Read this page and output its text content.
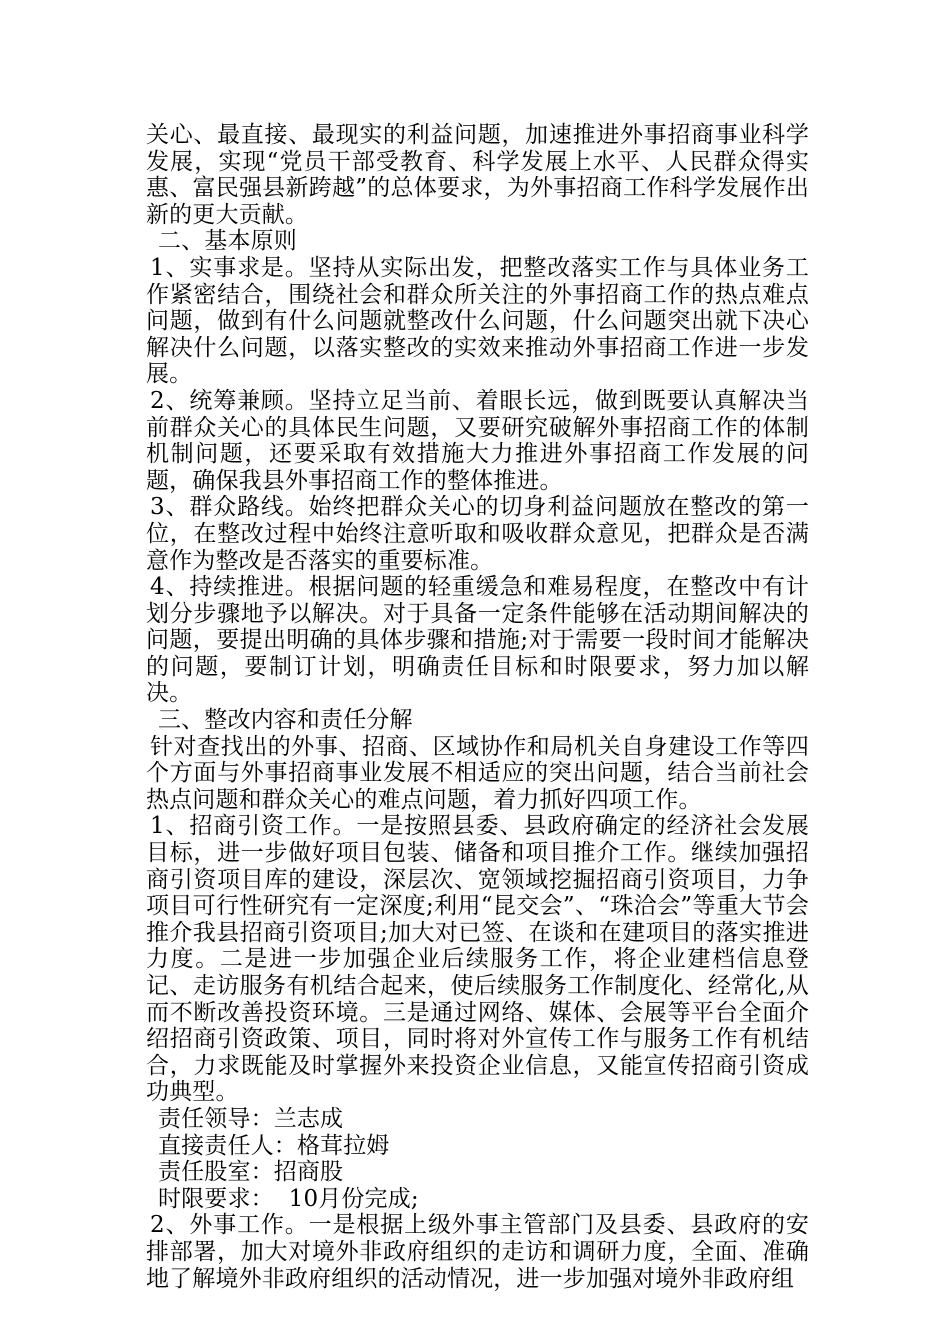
关心、最直接、最现实的利益问题，加速推进外事招商事业科学发展，实现“党员干部受教育、科学发展上水平、人民群众得实惠、富民强县新跨越”的总体要求，为外事招商工作科学发展作出新的更大贡献。

二、基本原则

1、实事求是。坚持从实际出发，把整改落实工作与具体业务工作紧密结合，围绕社会和群众所关注的外事招商工作的热点难点问题，做到有什么问题就整改什么问题，什么问题突出就下决心解决什么问题，以落实整改的实效来推动外事招商工作进一步发展。

2、统筹兼顾。坚持立足当前、着眼长远，做到既要认真解决当前群众关心的具体民生问题，又要研究破解外事招商工作的体制机制问题，还要采取有效措施大力推进外事招商工作发展的问题，确保我县外事招商工作的整体推进。

3、群众路线。始终把群众关心的切身利益问题放在整改的第一位，在整改过程中始终注意听取和吸收群众意见，把群众是否满意作为整改是否落实的重要标准。

4、持续推进。根据问题的轻重缓急和难易程度，在整改中有计划分步骤地予以解决。对于具备一定条件能够在活动期间解决的问题，要提出明确的具体步骤和措施;对于需要一段时间才能解决的问题，要制订计划，明确责任目标和时限要求，努力加以解决。

三、整改内容和责任分解

针对查找出的外事、招商、区域协作和局机关自身建设工作等四个方面与外事招商事业发展不相适应的突出问题，结合当前社会热点问题和群众关心的难点问题，着力抓好四项工作。

1、招商引资工作。一是按照县委、县政府确定的经济社会发展目标，进一步做好项目包装、储备和项目推介工作。继续加强招商引资项目库的建设，深层次、宽领域挖掘招商引资项目，力争项目可行性研究有一定深度;利用“昆交会”、“珠洽会”等重大节会推介我县招商引资项目;加大对已签、在谈和在建项目的落实推进力度。二是进一步加强企业后续服务工作，将企业建档信息登记、走访服务有机结合起来，使后续服务工作制度化、经常化,从而不断改善投资环境。三是通过网络、媒体、会展等平台全面介绍招商引资政策、项目，同时将对外宣传工作与服务工作有机结合，力求既能及时掌握外来投资企业信息，又能宣传招商引资成功典型。

责任领导：兰志成

直接责任人：格茸拉姆

责任股室：招商股

时限要求：  10月份完成;

2、外事工作。一是根据上级外事主管部门及县委、县政府的安排部署，加大对境外非政府组织的走访和调研力度，全面、准确地了解境外非政府组织的活动情况，进一步加强对境外非政府组
